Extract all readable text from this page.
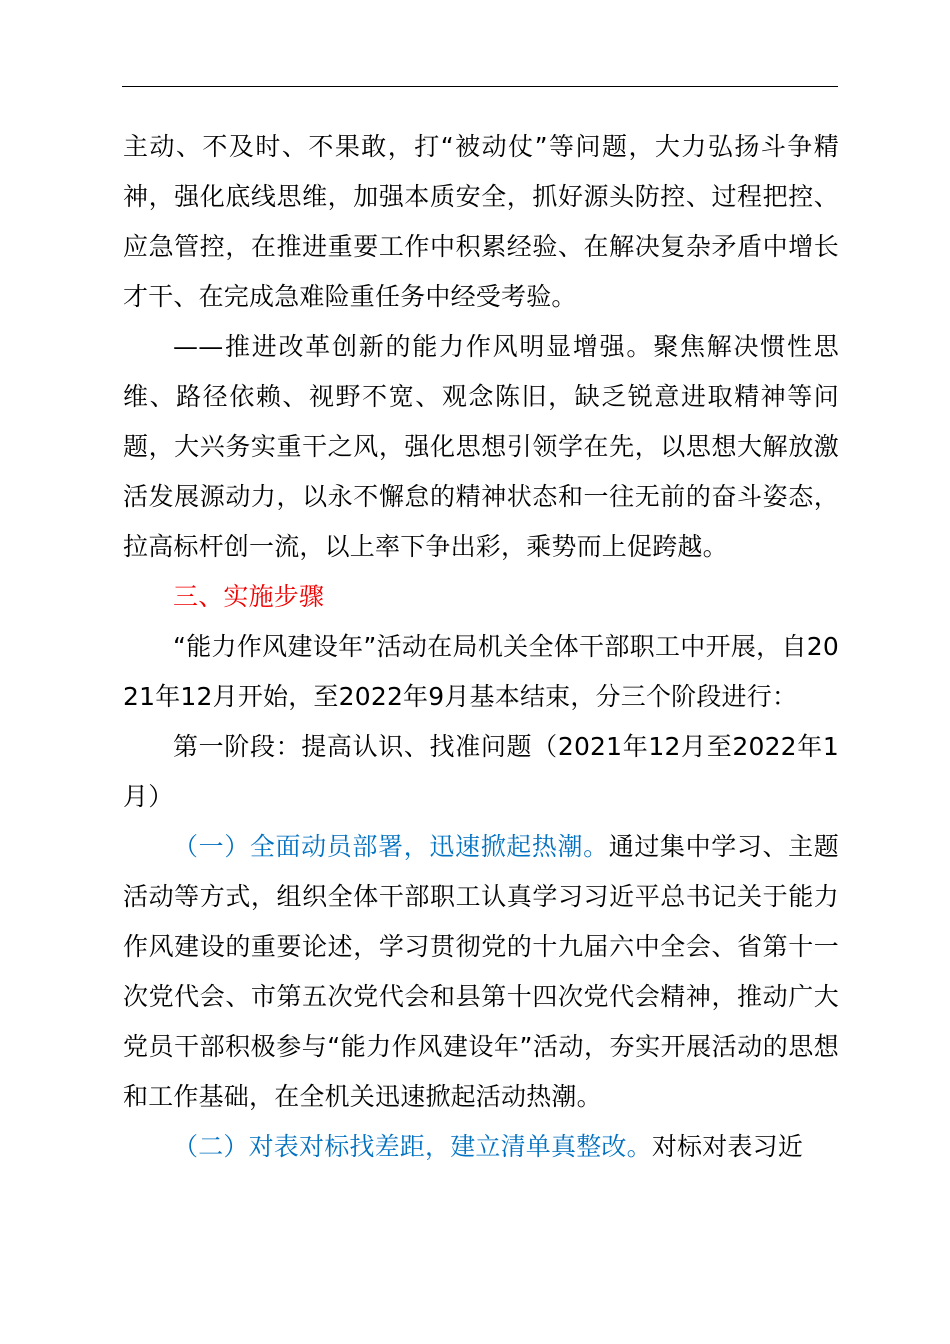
主动、不及时、不果敢，打“被动仗”等问题，大力弘扬斗争精神，强化底线思维，加强本质安全，抓好源头防控、过程把控、应急管控，在推进重要工作中积累经验、在解决复杂矛盾中增长才干、在完成急难险重任务中经受考验。

——推进改革创新的能力作风明显增强。聚焦解决惯性思维、路径依赖、视野不宽、观念陈旧，缺乏锐意进取精神等问题，大兴务实重干之风，强化思想引领学在先，以思想大解放激活发展源动力，以永不懈怠的精神状态和一往无前的奋斗姿态，拉高标杆创一流，以上率下争出彩，乘势而上促跨越。

三、实施步骤

“能力作风建设年”活动在局机关全体干部职工中开展，自2021年12月开始，至2022年9月基本结束，分三个阶段进行：

第一阶段：提高认识、找准问题（2021年12月至2022年1月）

（一）全面动员部署，迅速掀起热潮。通过集中学习、主题活动等方式，组织全体干部职工认真学习习近平总书记关于能力作风建设的重要论述，学习贯彻党的十九届六中全会、省第十一次党代会、市第五次党代会和县第十四次党代会精神，推动广大党员干部积极参与“能力作风建设年”活动，夯实开展活动的思想和工作基础，在全机关迅速掀起活动热潮。

（二）对表对标找差距，建立清单真整改。对标对表习近
